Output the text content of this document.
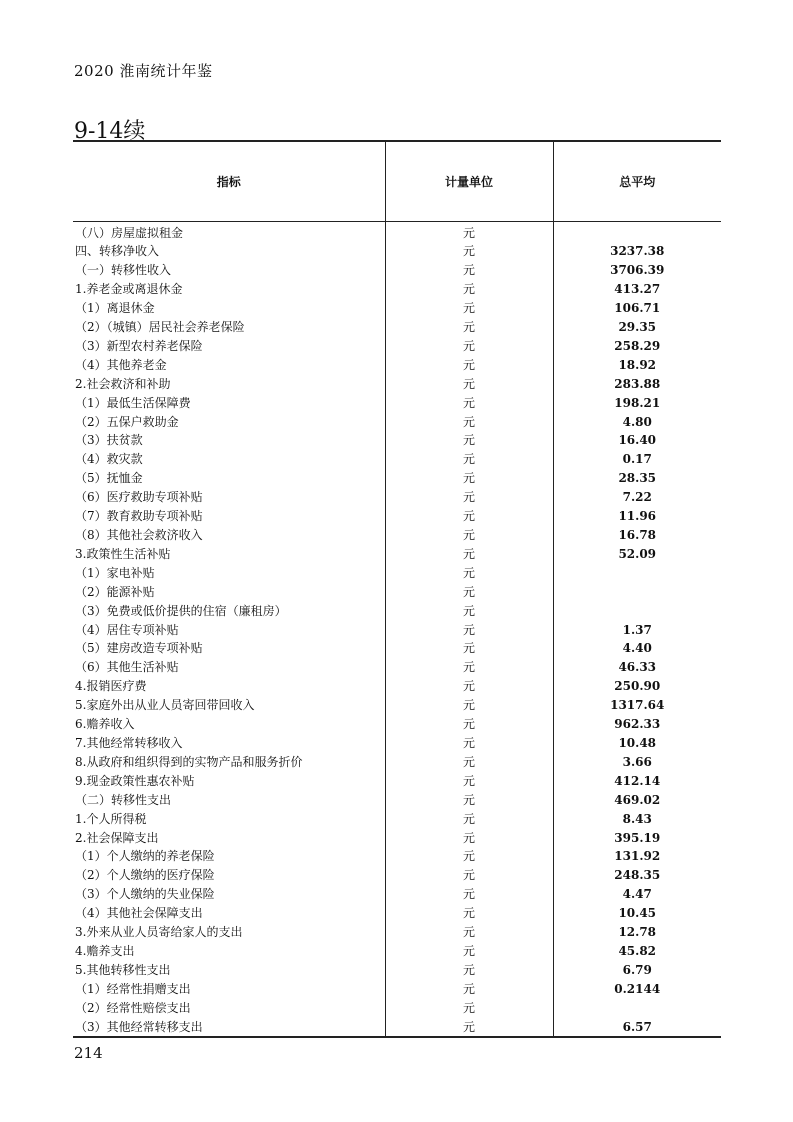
2020 淮南统计年鉴
9-14续
指标	计量单位	总平均
（八）房屋虚拟租金	元	
四、转移净收入	元	3237.38
（一）转移性收入	元	3706.39
1.养老金或离退休金	元	413.27
（1）离退休金	元	106.71
（2）（城镇）居民社会养老保险	元	29.35
（3）新型农村养老保险	元	258.29
（4）其他养老金	元	18.92
2.社会救济和补助	元	283.88
（1）最低生活保障费	元	198.21
（2）五保户救助金	元	4.80
（3）扶贫款	元	16.40
（4）救灾款	元	0.17
（5）抚恤金	元	28.35
（6）医疗救助专项补贴	元	7.22
（7）教育救助专项补贴	元	11.96
（8）其他社会救济收入	元	16.78
3.政策性生活补贴	元	52.09
（1）家电补贴	元	
（2）能源补贴	元	
（3）免费或低价提供的住宿（廉租房）	元	
（4）居住专项补贴	元	1.37
（5）建房改造专项补贴	元	4.40
（6）其他生活补贴	元	46.33
4.报销医疗费	元	250.90
5.家庭外出从业人员寄回带回收入	元	1317.64
6.赡养收入	元	962.33
7.其他经常转移收入	元	10.48
8.从政府和组织得到的实物产品和服务折价	元	3.66
9.现金政策性惠农补贴	元	412.14
（二）转移性支出	元	469.02
1.个人所得税	元	8.43
2.社会保障支出	元	395.19
（1）个人缴纳的养老保险	元	131.92
（2）个人缴纳的医疗保险	元	248.35
（3）个人缴纳的失业保险	元	4.47
（4）其他社会保障支出	元	10.45
3.外来从业人员寄给家人的支出	元	12.78
4.赡养支出	元	45.82
5.其他转移性支出	元	6.79
（1）经常性捐赠支出	元	0.2144
（2）经常性赔偿支出	元	
（3）其他经常转移支出	元	6.57
214
